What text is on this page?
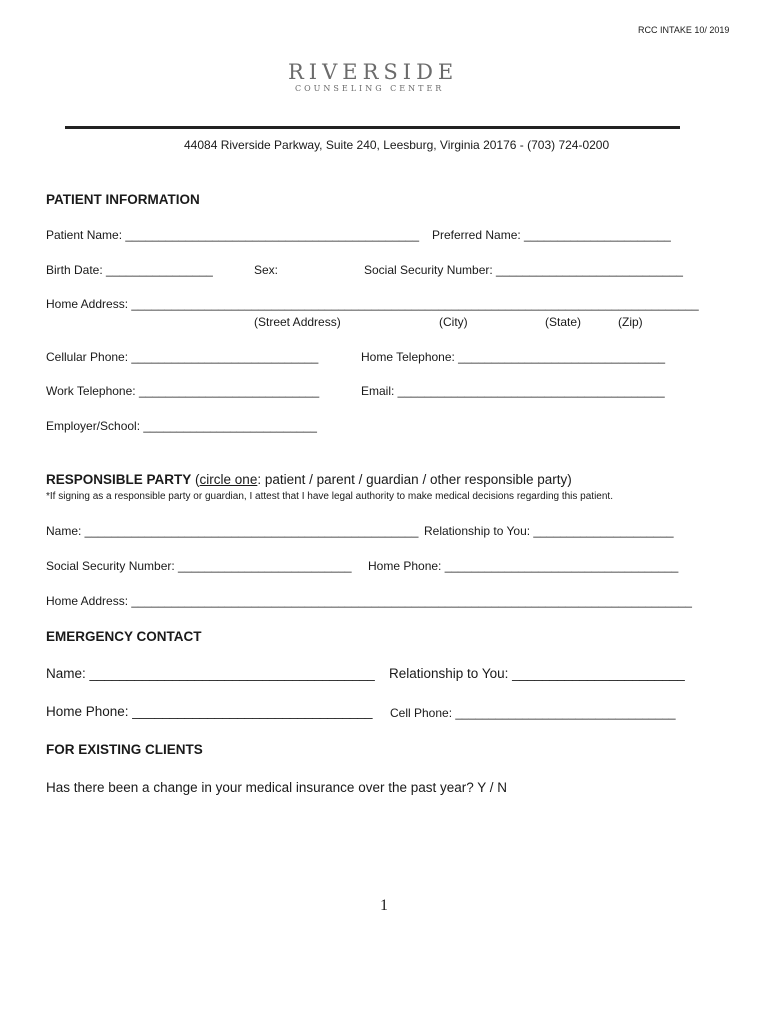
RCC INTAKE 10/ 2019
RIVERSIDE
COUNSELING CENTER
44084 Riverside Parkway, Suite 240, Leesburg, Virginia 20176 - (703) 724-0200
PATIENT INFORMATION
Patient Name: ____________________________________________ Preferred Name: ______________________
Birth Date: ________________	Sex:	Social Security Number: ____________________________
Home Address: _____________________________________________________________________________________
(Street Address)	(City)	(State)	(Zip)
Cellular Phone: ____________________________	Home Telephone: _______________________________
Work Telephone: ___________________________	Email: ________________________________________
Employer/School: __________________________
RESPONSIBLE PARTY (circle one: patient / parent / guardian / other responsible party)
*If signing as a responsible party or guardian, I attest that I have legal authority to make medical decisions regarding this patient.
Name: __________________________________________________ Relationship to You: _____________________
Social Security Number: __________________________ Home Phone: ___________________________________
Home Address: ____________________________________________________________________________________
EMERGENCY CONTACT
Name: ______________________________________ Relationship to You: _______________________
Home Phone: ________________________________ Cell Phone: _________________________________
FOR EXISTING CLIENTS
Has there been a change in your medical insurance over the past year? Y / N
1
